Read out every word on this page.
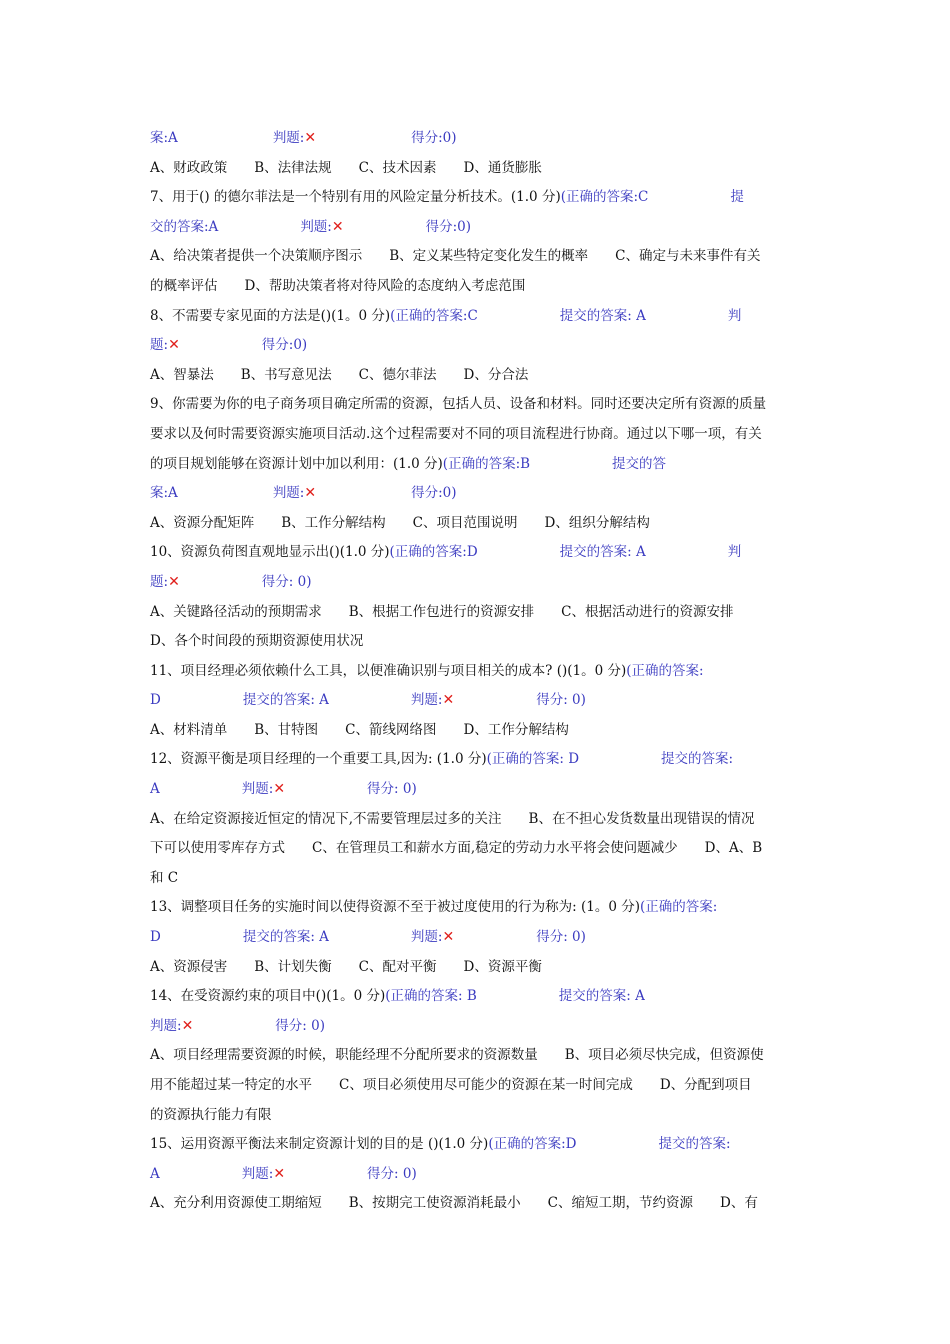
案:A	判题:✕	得分:0)
A、财政政策　　B、法律法规　　C、技术因素　　D、通货膨胀
7、用于() 的德尔菲法是一个特别有用的风险定量分析技术。(1.0 分)(正确的答案:C	提
交的答案:A	判题:✕	得分:0)
A、给决策者提供一个决策顺序图示　　B、定义某些特定变化发生的概率　　C、确定与未来事件有关
的概率评估　　D、帮助决策者将对待风险的态度纳入考虑范围
8、不需要专家见面的方法是()(1。0 分)(正确的答案:C	提交的答案: A	判
题:✕	得分:0)
A、智暴法　　B、书写意见法　　C、德尔菲法　　D、分合法
9、你需要为你的电子商务项目确定所需的资源，包括人员、设备和材料。同时还要决定所有资源的质量
要求以及何时需要资源实施项目活动.这个过程需要对不同的项目流程进行协商。通过以下哪一项，有关
的项目规划能够在资源计划中加以利用：(1.0 分)(正确的答案:B	提交的答
案:A	判题:✕	得分:0)
A、资源分配矩阵　　B、工作分解结构　　C、项目范围说明　　D、组织分解结构
10、资源负荷图直观地显示出()(1.0 分)(正确的答案:D	提交的答案: A	判
题:✕	得分: 0)
A、关键路径活动的预期需求　　B、根据工作包进行的资源安排　　C、根据活动进行的资源安排
D、各个时间段的预期资源使用状况
11、项目经理必须依赖什么工具，以便准确识别与项目相关的成本? ()(1。0 分)(正确的答案:
D	提交的答案: A	判题:✕	得分: 0)
A、材料清单　　B、甘特图　　C、箭线网络图　　D、工作分解结构
12、资源平衡是项目经理的一个重要工具,因为: (1.0 分)(正确的答案: D	提交的答案:
A	判题:✕	得分: 0)
A、在给定资源接近恒定的情况下,不需要管理层过多的关注　　B、在不担心发货数量出现错误的情况
下可以使用零库存方式　　C、在管理员工和薪水方面,稳定的劳动力水平将会使问题减少　　D、A、B
和 C
13、调整项目任务的实施时间以使得资源不至于被过度使用的行为称为: (1。0 分)(正确的答案:
D	提交的答案: A	判题:✕	得分: 0)
A、资源侵害　　B、计划失衡　　C、配对平衡　　D、资源平衡
14、在受资源约束的项目中()(1。0 分)(正确的答案: B	提交的答案: A
判题:✕	得分: 0)
A、项目经理需要资源的时候，职能经理不分配所要求的资源数量　　B、项目必须尽快完成，但资源使
用不能超过某一特定的水平　　C、项目必须使用尽可能少的资源在某一时间完成　　D、分配到项目
的资源执行能力有限
15、运用资源平衡法来制定资源计划的目的是 ()(1.0 分)(正确的答案:D	提交的答案:
A	判题:✕	得分: 0)
A、充分利用资源使工期缩短　　B、按期完工使资源消耗最小　　C、缩短工期，节约资源　　D、有
